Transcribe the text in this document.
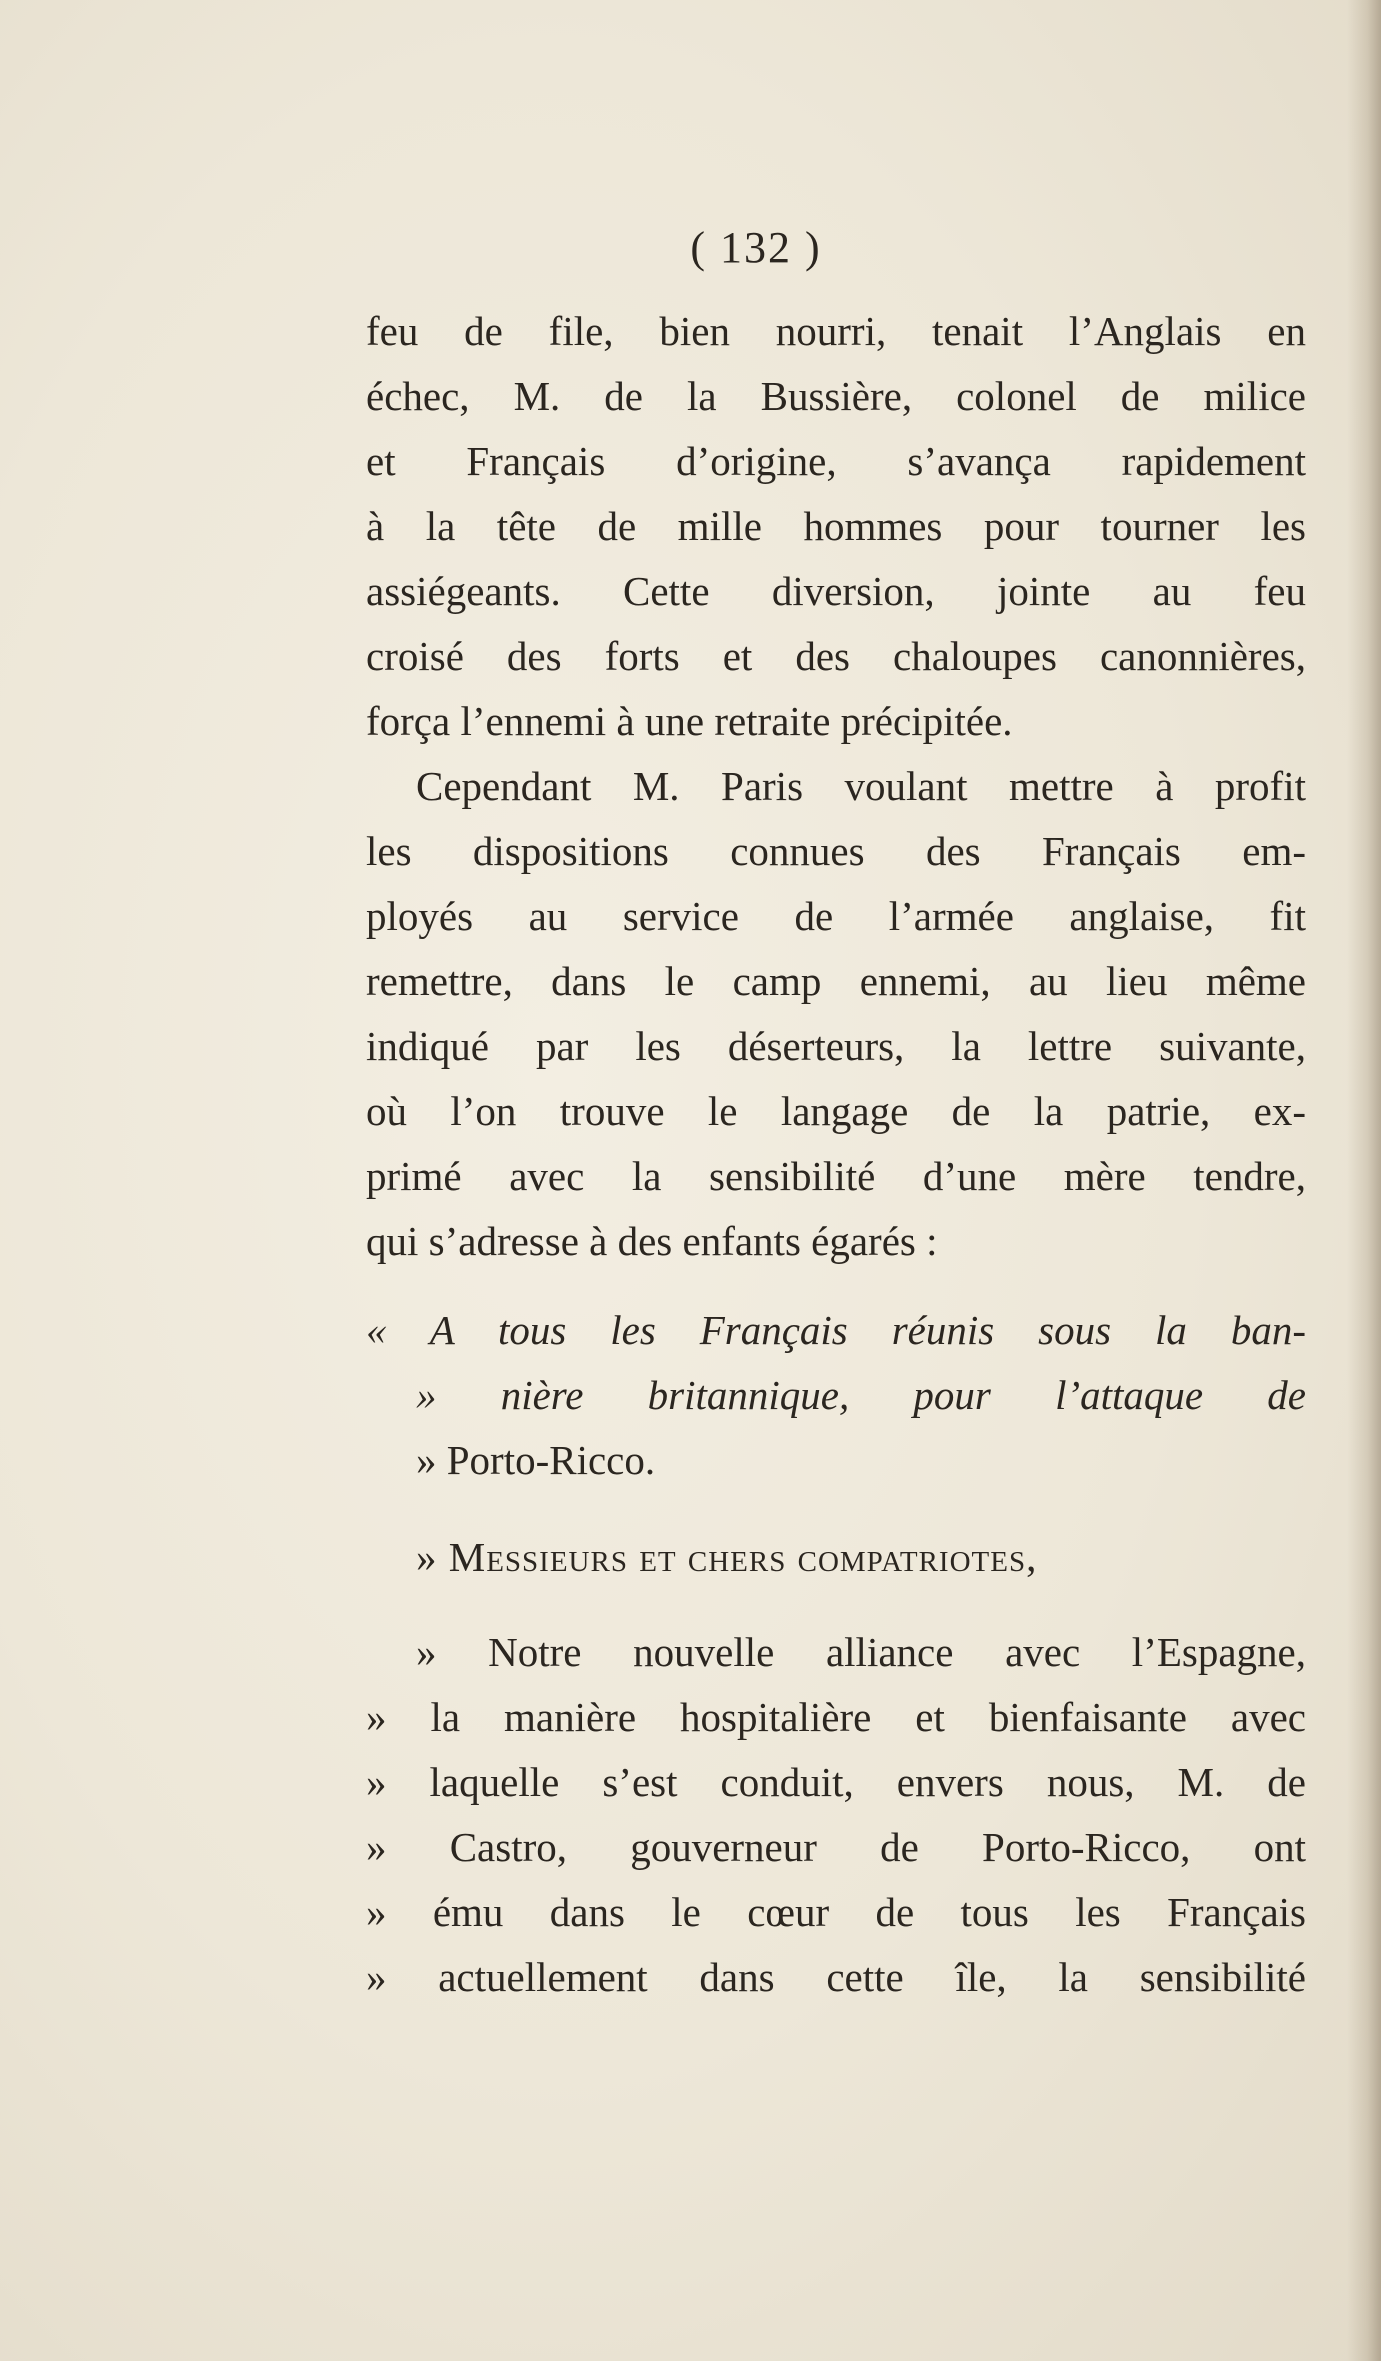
( 132 )
feu de file, bien nourri, tenait l’Anglais en
échec, M. de la Bussière, colonel de milice
et Français d’origine, s’avança rapidement
à la tête de mille hommes pour tourner les
assiégeants. Cette diversion, jointe au feu
croisé des forts et des chaloupes canonnières,
força l’ennemi à une retraite précipitée.
Cependant M. Paris voulant mettre à profit
les dispositions connues des Français em-
ployés au service de l’armée anglaise, fit
remettre, dans le camp ennemi, au lieu même
indiqué par les déserteurs, la lettre suivante,
où l’on trouve le langage de la patrie, ex-
primé avec la sensibilité d’une mère tendre,
qui s’adresse à des enfants égarés :
« A tous les Français réunis sous la ban-
» nière britannique, pour l’attaque de
» Porto-Ricco.
» Messieurs et chers compatriotes,
» Notre nouvelle alliance avec l’Espagne,
» la manière hospitalière et bienfaisante avec
» laquelle s’est conduit, envers nous, M. de
» Castro, gouverneur de Porto-Ricco, ont
» ému dans le cœur de tous les Français
» actuellement dans cette île, la sensibilité
